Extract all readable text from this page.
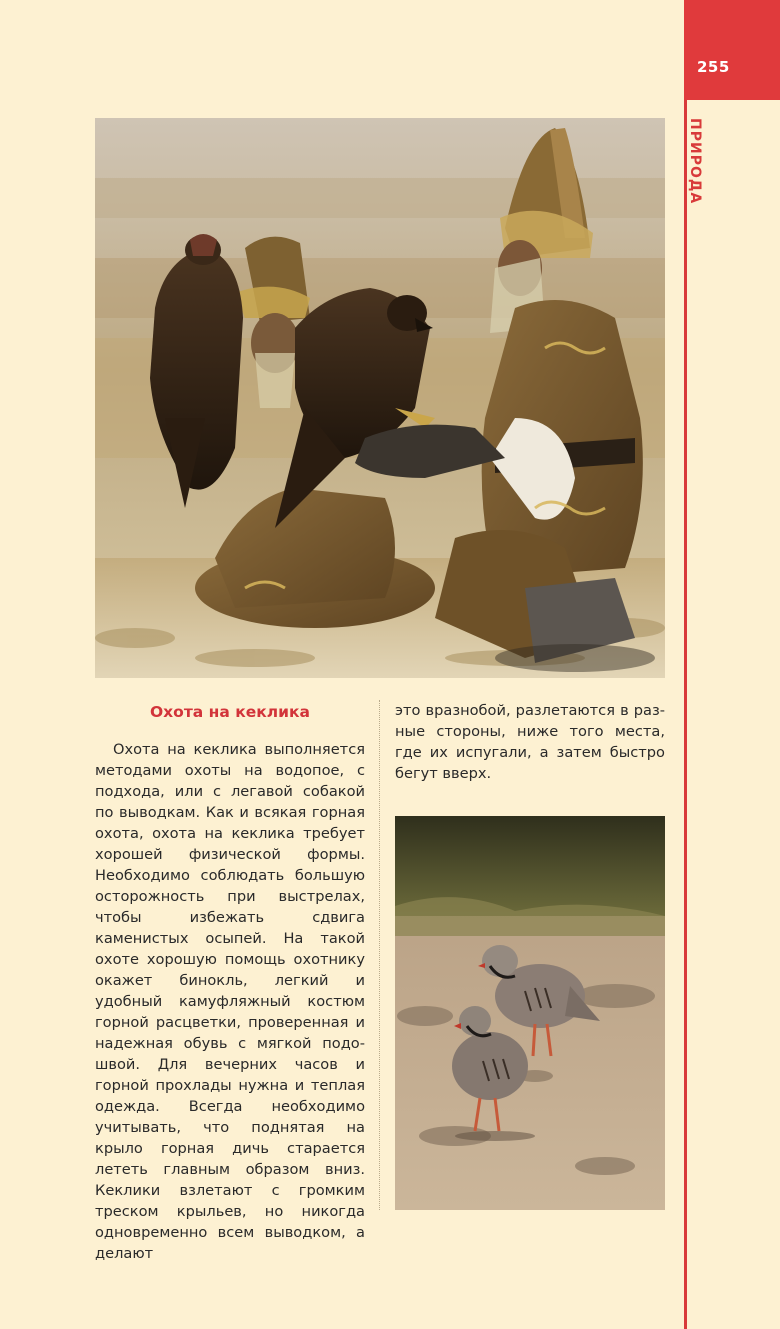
255
ПРИРОДА
Охота на кеклика

Охота на кеклика выполняется методами охоты на водопое, с подхода, или с легавой собакой по выводкам. Как и всякая горная охота, охота на кеклика требует хорошей физической формы. Необходимо соблюдать большую осторожность при выстрелах, чтобы избежать сдвига каменистых осыпей. На такой охоте хорошую помощь охотнику окажет бинокль, легкий и удобный камуфляжный костюм горной расцветки, проверенная и надежная обувь с мягкой подошвой. Для вечерних часов и горной прохлады нужна и теплая одежда. Всегда необходимо учитывать, что поднятая на крыло горная дичь старается лететь главным образом вниз. Кеклики взлетают с громким треском крыльев, но никогда одновременно всем выводком, а делают

это вразнобой, разлетаются в разные стороны, ниже того места, где их испугали, а затем быстро бегут вверх.
